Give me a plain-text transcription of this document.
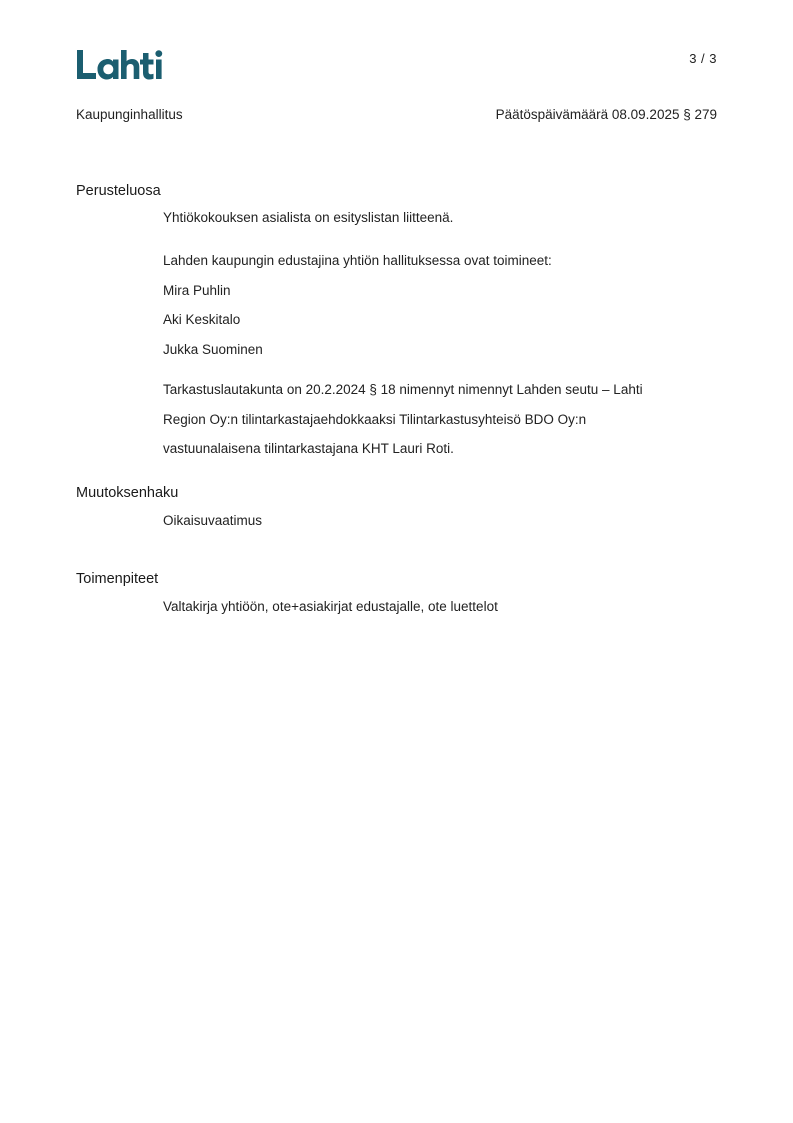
3 / 3
Kaupunginhallitus	Päätöspäivämäärä 08.09.2025 § 279
Perusteluosa
Yhtiökokouksen asialista on esityslistan liitteenä.
Lahden kaupungin edustajina yhtiön hallituksessa ovat toimineet:
Mira Puhlin
Aki Keskitalo
Jukka Suominen
Tarkastuslautakunta on 20.2.2024 § 18 nimennyt nimennyt Lahden seutu – Lahti
Region Oy:n tilintarkastajaehdokkaaksi Tilintarkastusyhteisö BDO Oy:n
vastuunalaisena tilintarkastajana KHT Lauri Roti.
Muutoksenhaku
Oikaisuvaatimus
Toimenpiteet
Valtakirja yhtiöön, ote+asiakirjat edustajalle, ote luettelot
